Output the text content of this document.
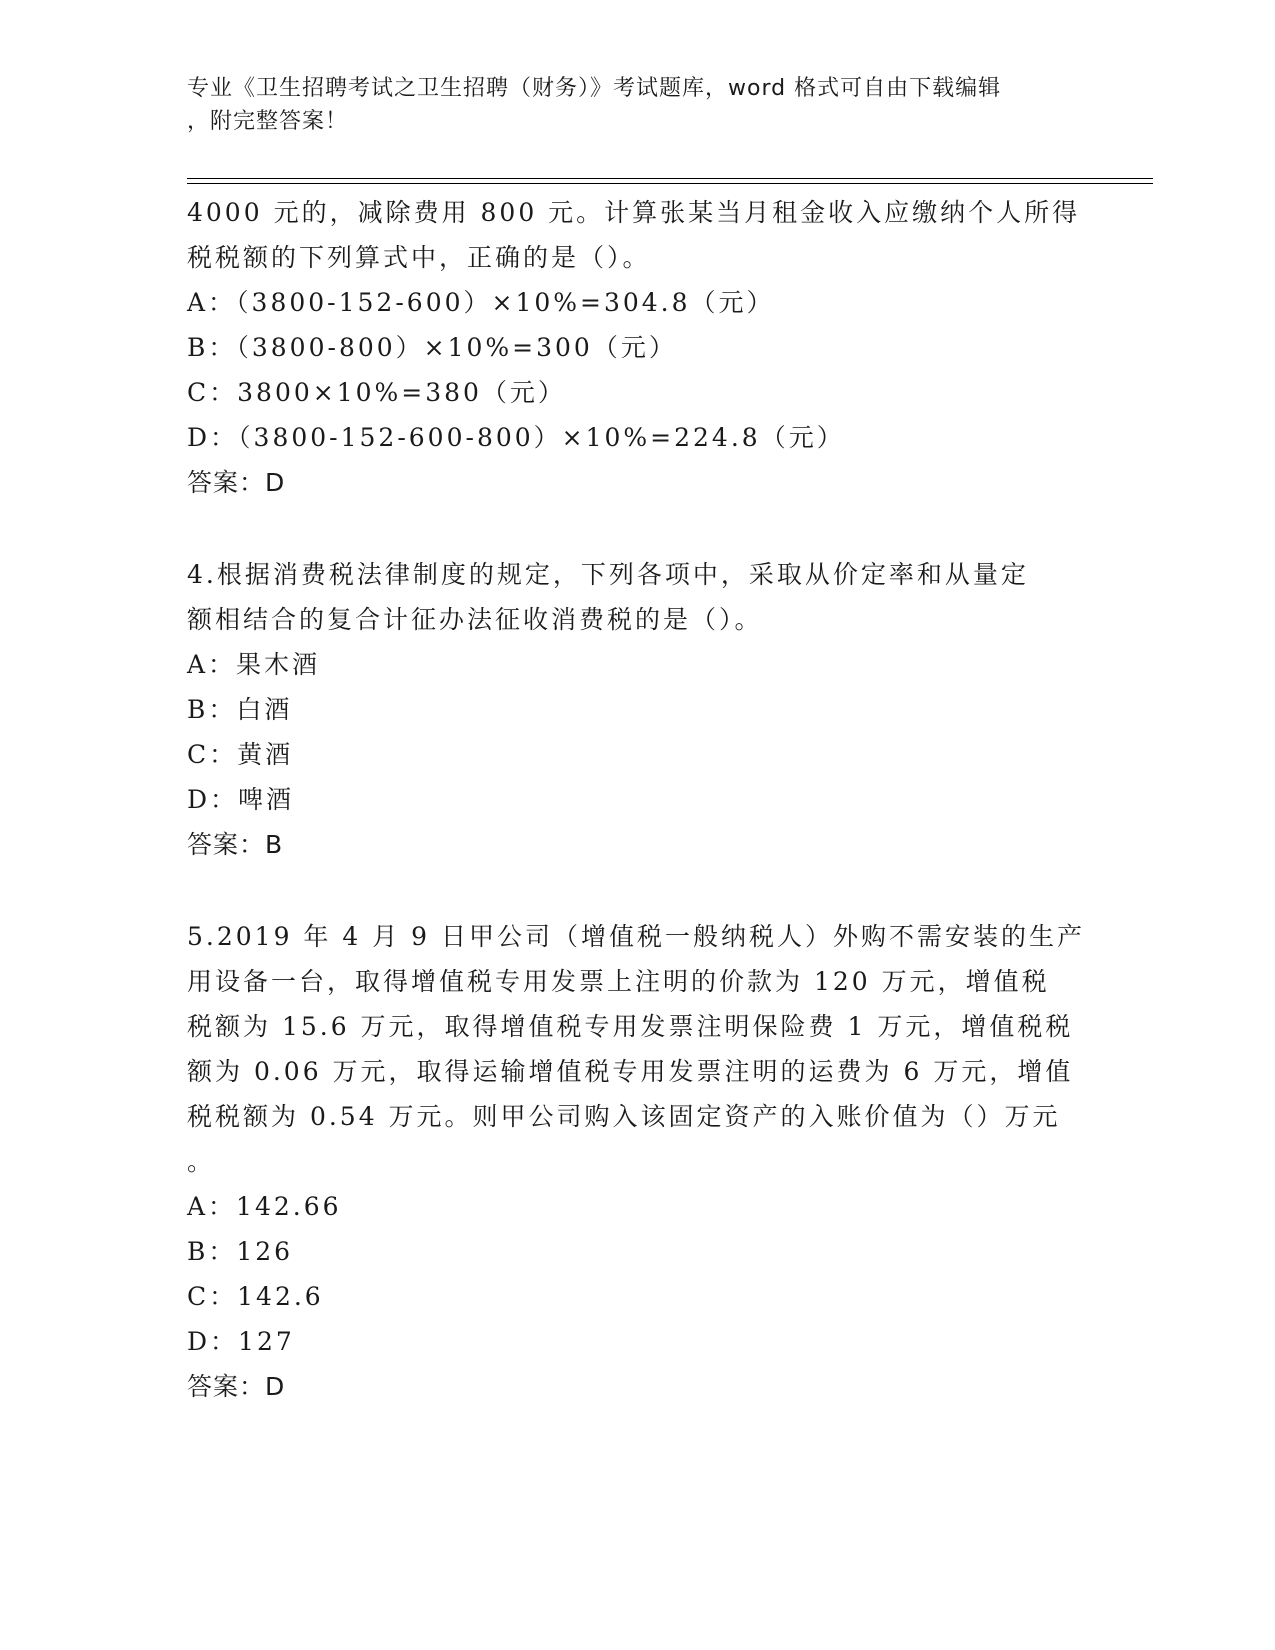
专业《卫生招聘考试之卫生招聘（财务）》考试题库，word 格式可自由下载编辑
，附完整答案！
4000 元的，减除费用 800 元。计算张某当月租金收入应缴纳个人所得
税税额的下列算式中，正确的是（）。
A：（3800-152-600）×10%=304.8（元）
B：（3800-800）×10%=300（元）
C：3800×10%=380（元）
D：（3800-152-600-800）×10%=224.8（元）
答案：D
4.根据消费税法律制度的规定，下列各项中，采取从价定率和从量定
额相结合的复合计征办法征收消费税的是（）。
A：果木酒
B：白酒
C：黄酒
D：啤酒
答案：B
5.2019 年 4 月 9 日甲公司（增值税一般纳税人）外购不需安装的生产
用设备一台，取得增值税专用发票上注明的价款为 120 万元，增值税
税额为 15.6 万元，取得增值税专用发票注明保险费 1 万元，增值税税
额为 0.06 万元，取得运输增值税专用发票注明的运费为 6 万元，增值
税税额为 0.54 万元。则甲公司购入该固定资产的入账价值为（）万元
。
A：142.66
B：126
C：142.6
D：127
答案：D
